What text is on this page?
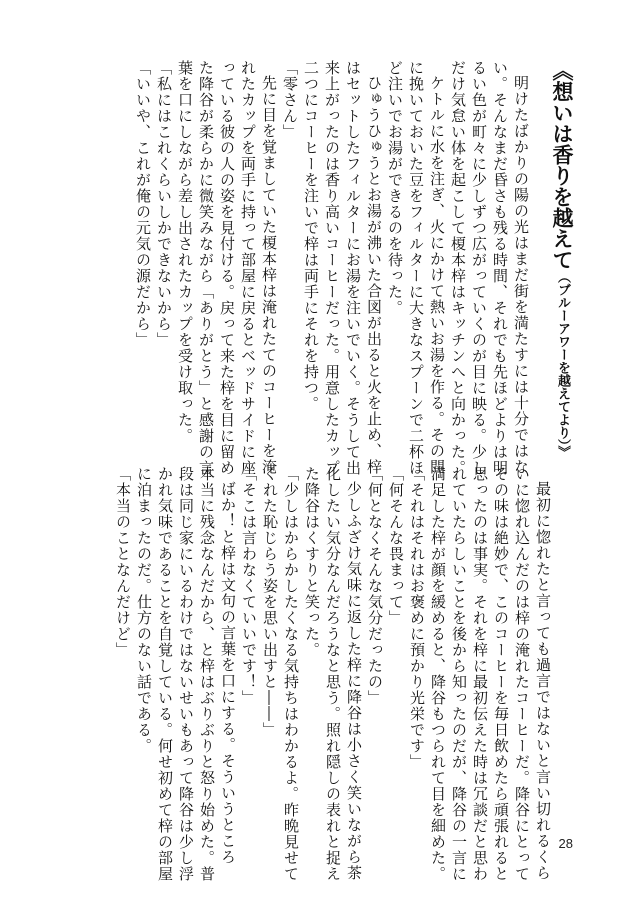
《想いは香りを越えて（ブルーアワーを越えてより）》
明けたばかりの陽の光はまだ街を満たすには十分ではな
い。そんなまだ昏さも残る時間、それでも先ほどよりは明
るい色が町々に少しずつ広がっていくのが目に映る。少し
だけ気怠い体を起こして榎本梓はキッチンへと向かった。
ケトルに水を注ぎ、火にかけて熱いお湯を作る。その間
に挽いておいた豆をフィルターに大きなスプーンで二杯ほ
ど注いでお湯ができるのを待った。
ひゅうひゅうとお湯が沸いた合図が出ると火を止め、梓
はセットしたフィルターにお湯を注いでいく。そうして出
来上がったのは香り高いコーヒーだった。用意したカップ
二つにコーヒーを注いで梓は両手にそれを持つ。
「零さん」
先に目を覚ましていた榎本梓は淹れたてのコーヒーを淹
れたカップを両手に持って部屋に戻るとベッドサイドに座
っている彼の人の姿を見付ける。戻って来た梓を目に留め
た降谷が柔らかに微笑みながら「ありがとう」と感謝の言
葉を口にしながら差し出されたカップを受け取った。
「私にはこれくらいしかできないから」
「いいや、これが俺の元気の源だから」
最初に惚れたと言っても過言ではないと言い切れるくら
いに惚れ込んだのは梓の淹れたコーヒーだ。降谷にとって
その味は絶妙で、このコーヒーを毎日飲めたら頑張れると
思ったのは事実。それを梓に最初伝えた時は冗談だと思わ
れていたらしいことを後から知ったのだが、降谷の一言に
満足した梓が顔を緩めると、降谷もつられて目を細めた。
「それはそれはお褒めに預かり光栄です」
「何そんな畏まって」
「何となくそんな気分だったの」
少しふざけ気味に返した梓に降谷は小さく笑いながら茶
化したい気分なんだろうなと思う。照れ隠しの表れと捉え
た降谷はくすりと笑った。
「少しはからかしたくなる気持ちはわかるよ。昨晩見せて
くれた恥じらう姿を思い出すと――」
「そこは言わなくていいです！」
ばか！と梓は文句の言葉を口にする。そういうところ
本当に残念なんだから、と梓はぶりぶりと怒り始めた。普
段は同じ家にいるわけではないせいもあって降谷は少し浮
かれ気味であることを自覚している。何せ初めて梓の部屋
に泊まったのだ。仕方のない話である。
「本当のことなんだけど」
28
